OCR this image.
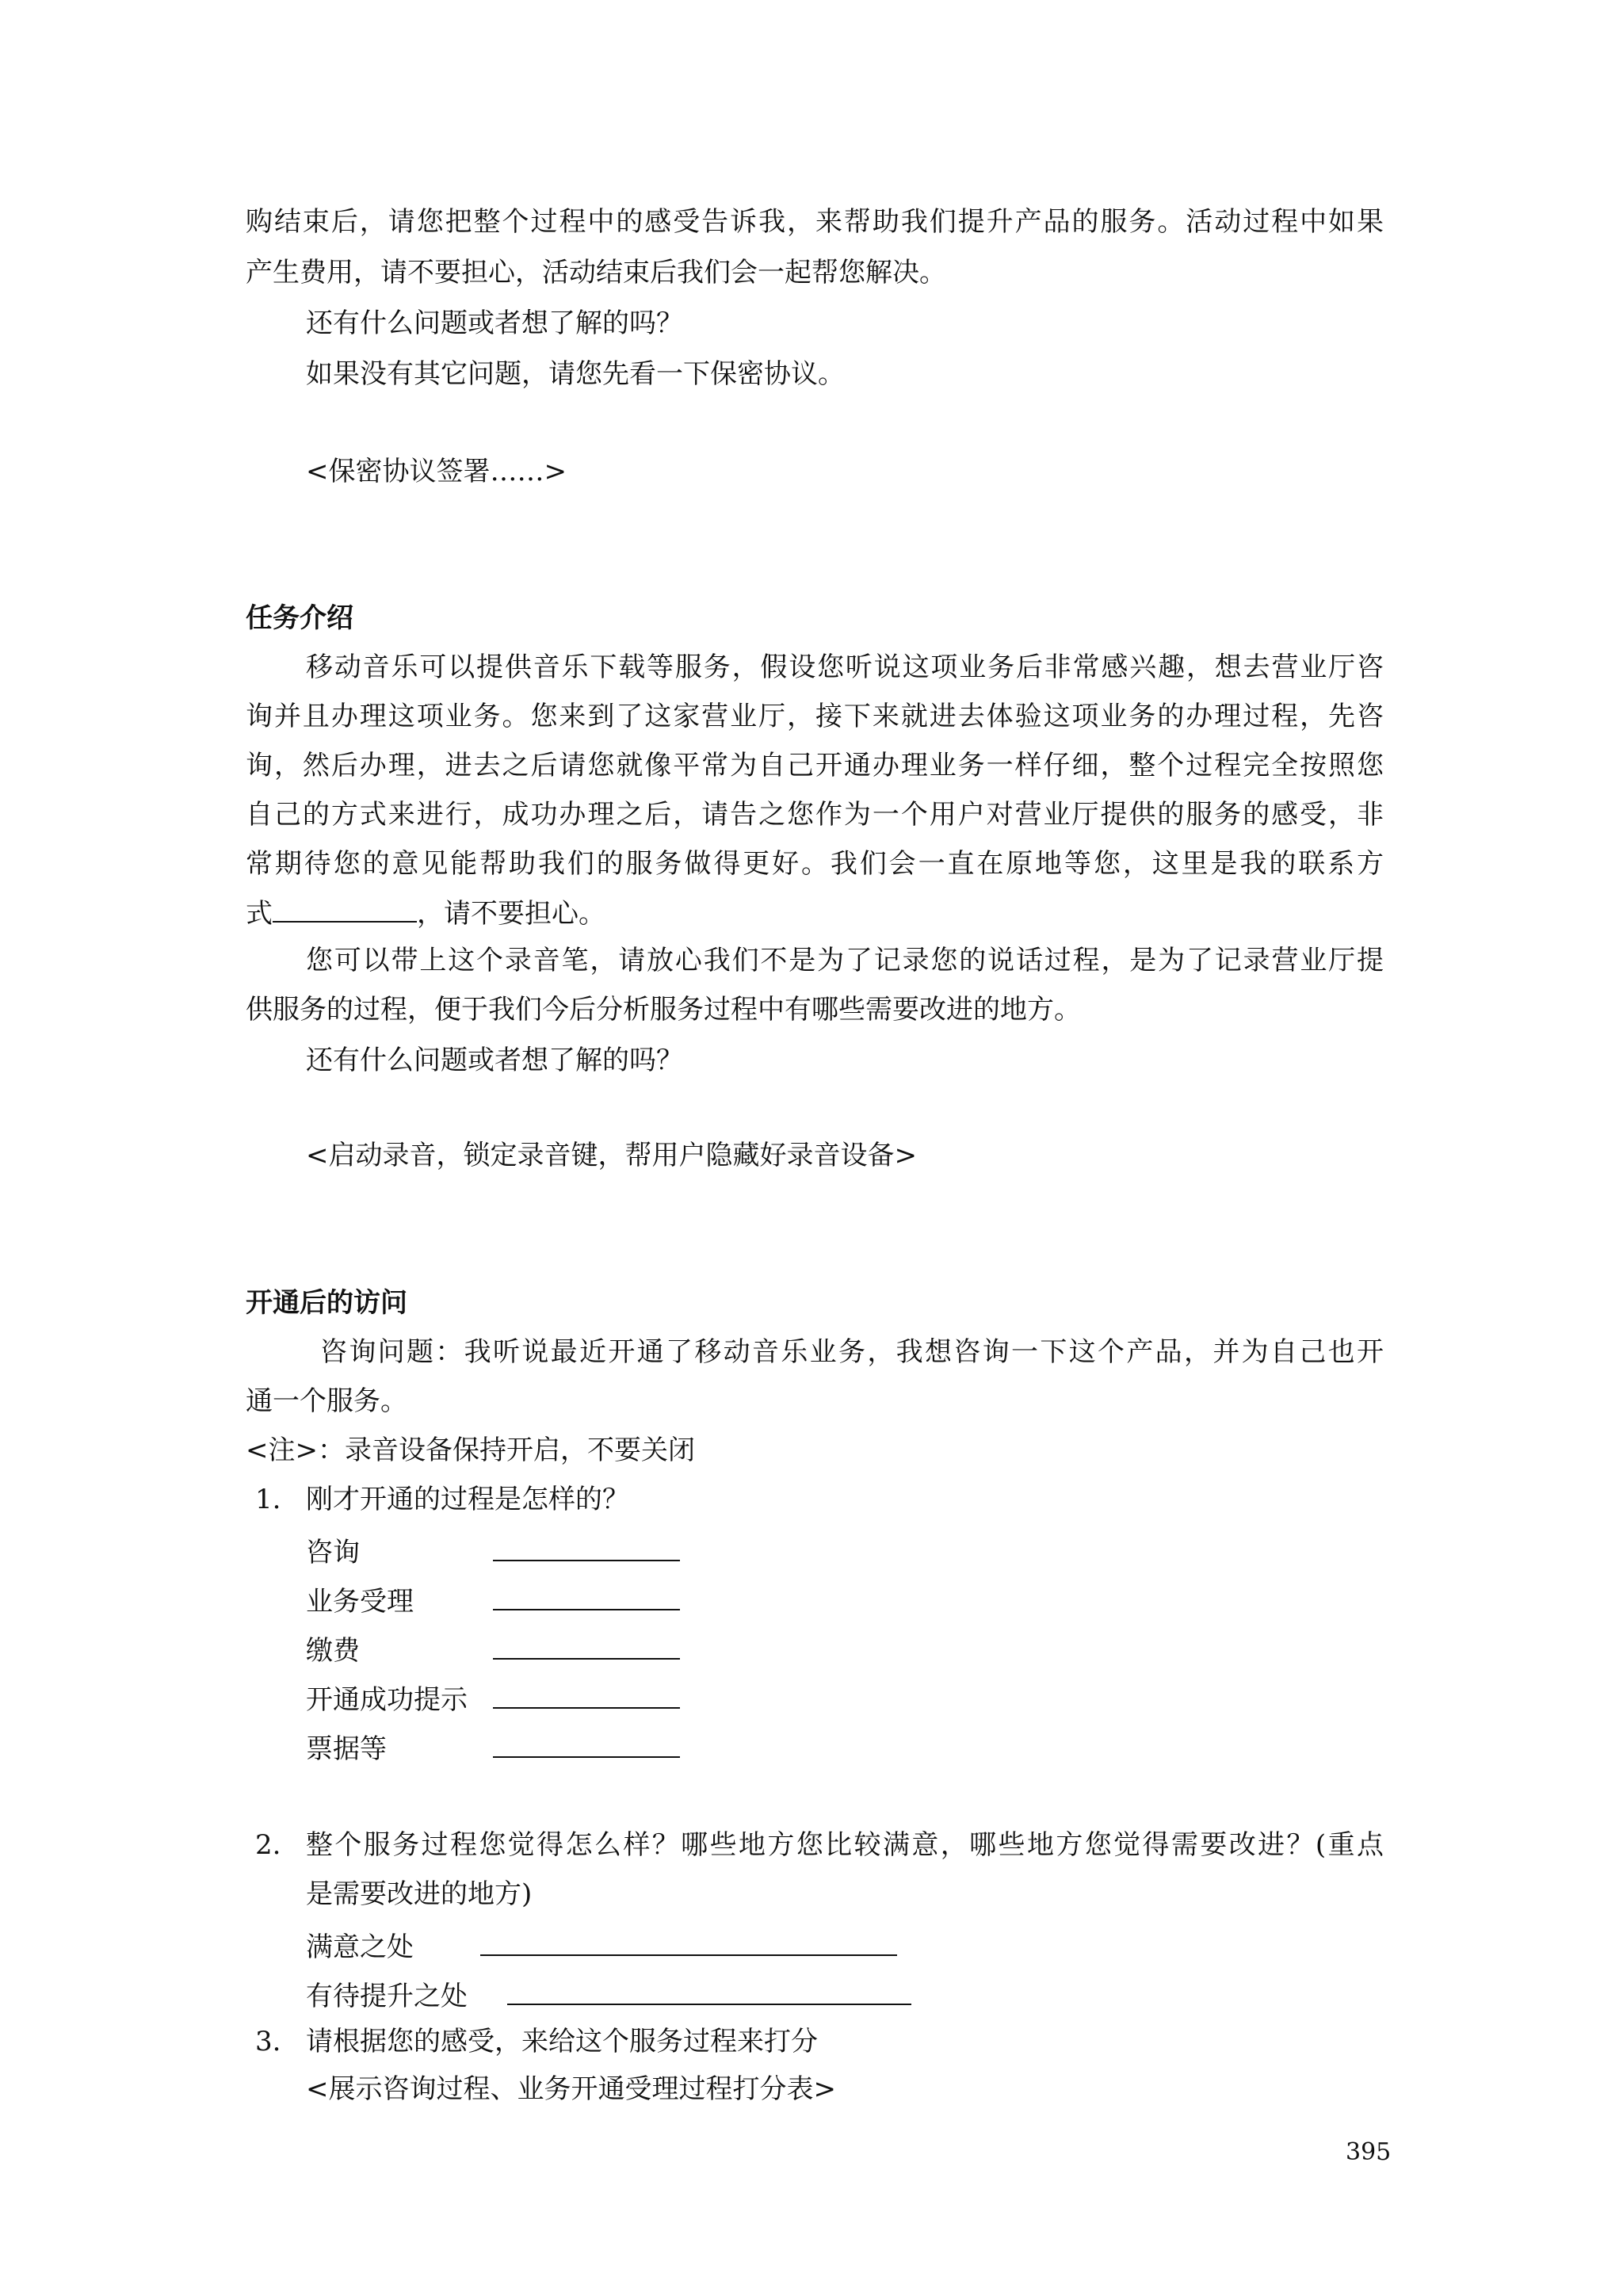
购结束后，请您把整个过程中的感受告诉我，来帮助我们提升产品的服务。活动过程中如果

产生费用，请不要担心，活动结束后我们会一起帮您解决。

还有什么问题或者想了解的吗？

如果没有其它问题，请您先看一下保密协议。

<保密协议签署……>

任务介绍

移动音乐可以提供音乐下载等服务，假设您听说这项业务后非常感兴趣，想去营业厅咨

询并且办理这项业务。您来到了这家营业厅，接下来就进去体验这项业务的办理过程，先咨

询，然后办理，进去之后请您就像平常为自己开通办理业务一样仔细，整个过程完全按照您

自己的方式来进行，成功办理之后，请告之您作为一个用户对营业厅提供的服务的感受，非

常期待您的意见能帮助我们的服务做得更好。我们会一直在原地等您，这里是我的联系方

式	，请不要担心。

您可以带上这个录音笔，请放心我们不是为了记录您的说话过程，是为了记录营业厅提

供服务的过程，便于我们今后分析服务过程中有哪些需要改进的地方。

还有什么问题或者想了解的吗？

<启动录音，锁定录音键，帮用户隐藏好录音设备>

开通后的访问

咨询问题：我听说最近开通了移动音乐业务，我想咨询一下这个产品，并为自己也开

通一个服务。

<注>：录音设备保持开启，不要关闭

1. 刚才开通的过程是怎样的？

咨询

业务受理

缴费

开通成功提示

票据等

2. 整个服务过程您觉得怎么样？哪些地方您比较满意，哪些地方您觉得需要改进？(重点

是需要改进的地方)

满意之处

有待提升之处

3. 请根据您的感受，来给这个服务过程来打分

<展示咨询过程、业务开通受理过程打分表>

395
